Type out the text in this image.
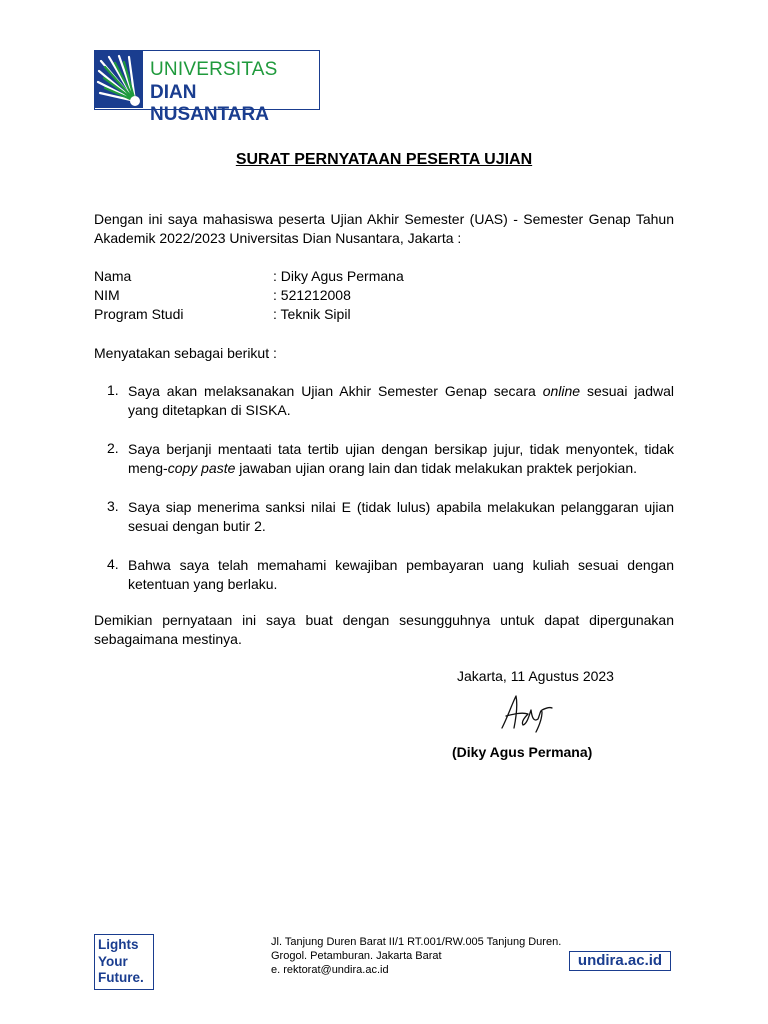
UNIVERSITAS
DIAN NUSANTARA
SURAT PERNYATAAN PESERTA UJIAN
Dengan ini saya mahasiswa peserta Ujian Akhir Semester (UAS) - Semester Genap Tahun Akademik 2022/2023 Universitas Dian Nusantara, Jakarta :
Nama	: Diky Agus Permana
NIM	: 521212008
Program Studi	: Teknik Sipil
Menyatakan sebagai berikut :
1. Saya akan melaksanakan Ujian Akhir Semester Genap secara online sesuai jadwal yang ditetapkan di SISKA.
2. Saya berjanji mentaati tata tertib ujian dengan bersikap jujur, tidak menyontek, tidak meng-copy paste jawaban ujian orang lain dan tidak melakukan praktek perjokian.
3. Saya siap menerima sanksi nilai E (tidak lulus) apabila melakukan pelanggaran ujian sesuai dengan butir 2.
4. Bahwa saya telah memahami kewajiban pembayaran uang kuliah sesuai dengan ketentuan yang berlaku.
Demikian pernyataan ini saya buat dengan sesungguhnya untuk dapat dipergunakan sebagaimana mestinya.
Jakarta, 11 Agustus 2023
(Diky Agus Permana)
Lights
Your
Future.
Jl. Tanjung Duren Barat II/1 RT.001/RW.005 Tanjung Duren.
Grogol. Petamburan. Jakarta Barat
e. rektorat@undira.ac.id
undira.ac.id
